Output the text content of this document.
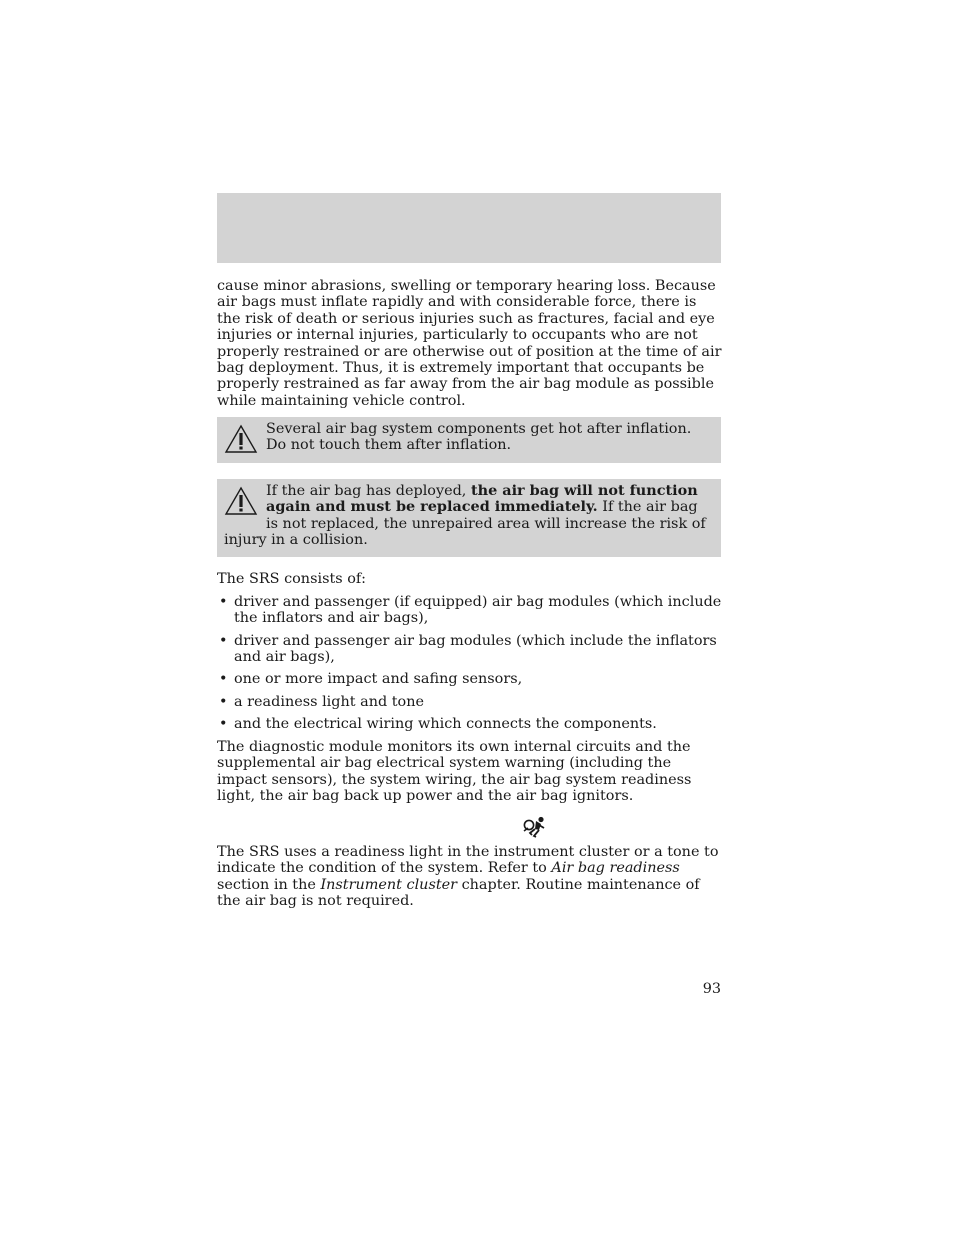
cause minor abrasions, swelling or temporary hearing loss. Because air bags must inflate rapidly and with considerable force, there is the risk of death or serious injuries such as fractures, facial and eye injuries or internal injuries, particularly to occupants who are not properly restrained or are otherwise out of position at the time of air bag deployment. Thus, it is extremely important that occupants be properly restrained as far away from the air bag module as possible while maintaining vehicle control.

Several air bag system components get hot after inflation. Do not touch them after inflation.
If the air bag has deployed, the air bag will not function again and must be replaced immediately. If the air bag is not replaced, the unrepaired area will increase the risk of injury in a collision.

The SRS consists of:

• driver and passenger (if equipped) air bag modules (which include the inflators and air bags),
• driver and passenger air bag modules (which include the inflators and air bags),
• one or more impact and safing sensors,
• a readiness light and tone
• and the electrical wiring which connects the components.

The diagnostic module monitors its own internal circuits and the supplemental air bag electrical system warning (including the impact sensors), the system wiring, the air bag system readiness light, the air bag back up power and the air bag ignitors.

The SRS uses a readiness light in the instrument cluster or a tone to indicate the condition of the system. Refer to Air bag readiness section in the Instrument cluster chapter. Routine maintenance of the air bag is not required.

93
